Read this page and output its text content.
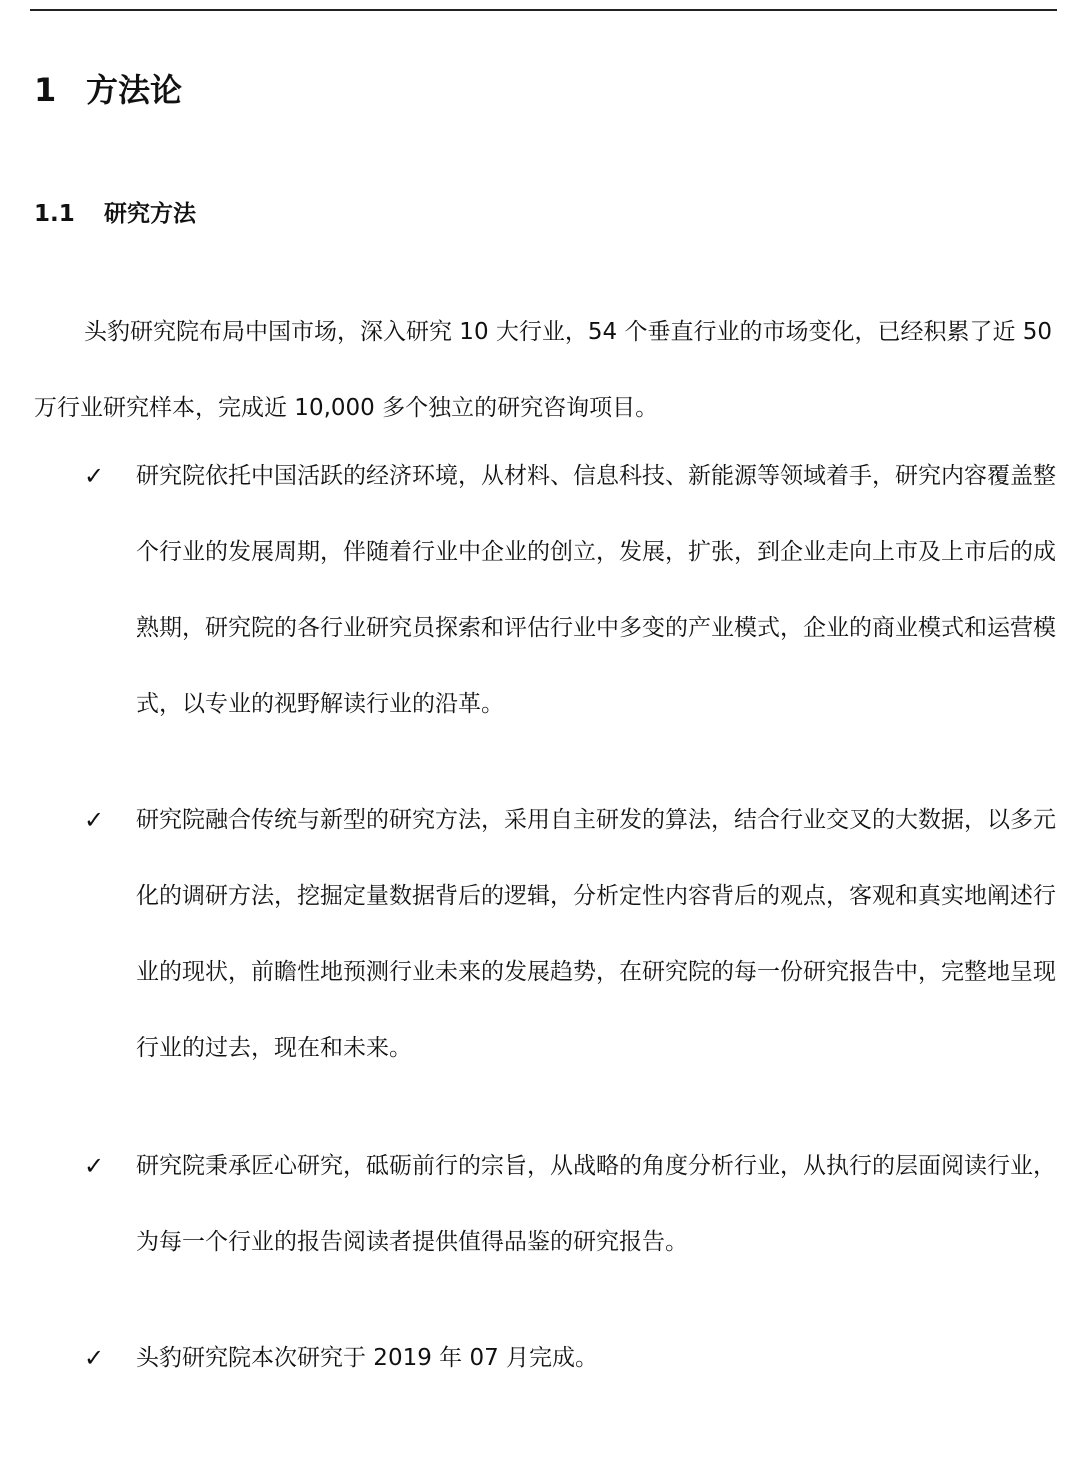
1 方法论
1.1 研究方法

头豹研究院布局中国市场，深入研究 10 大行业，54 个垂直行业的市场变化，已经积累了近 50 万行业研究样本，完成近 10,000 多个独立的研究咨询项目。

✓	研究院依托中国活跃的经济环境，从材料、信息科技、新能源等领域着手，研究内容覆盖整个行业的发展周期，伴随着行业中企业的创立，发展，扩张，到企业走向上市及上市后的成熟期，研究院的各行业研究员探索和评估行业中多变的产业模式，企业的商业模式和运营模式，以专业的视野解读行业的沿革。

✓	研究院融合传统与新型的研究方法，采用自主研发的算法，结合行业交叉的大数据，以多元化的调研方法，挖掘定量数据背后的逻辑，分析定性内容背后的观点，客观和真实地阐述行业的现状，前瞻性地预测行业未来的发展趋势，在研究院的每一份研究报告中，完整地呈现行业的过去，现在和未来。

✓	研究院秉承匠心研究，砥砺前行的宗旨，从战略的角度分析行业，从执行的层面阅读行业，为每一个行业的报告阅读者提供值得品鉴的研究报告。

✓	头豹研究院本次研究于 2019 年 07 月完成。
